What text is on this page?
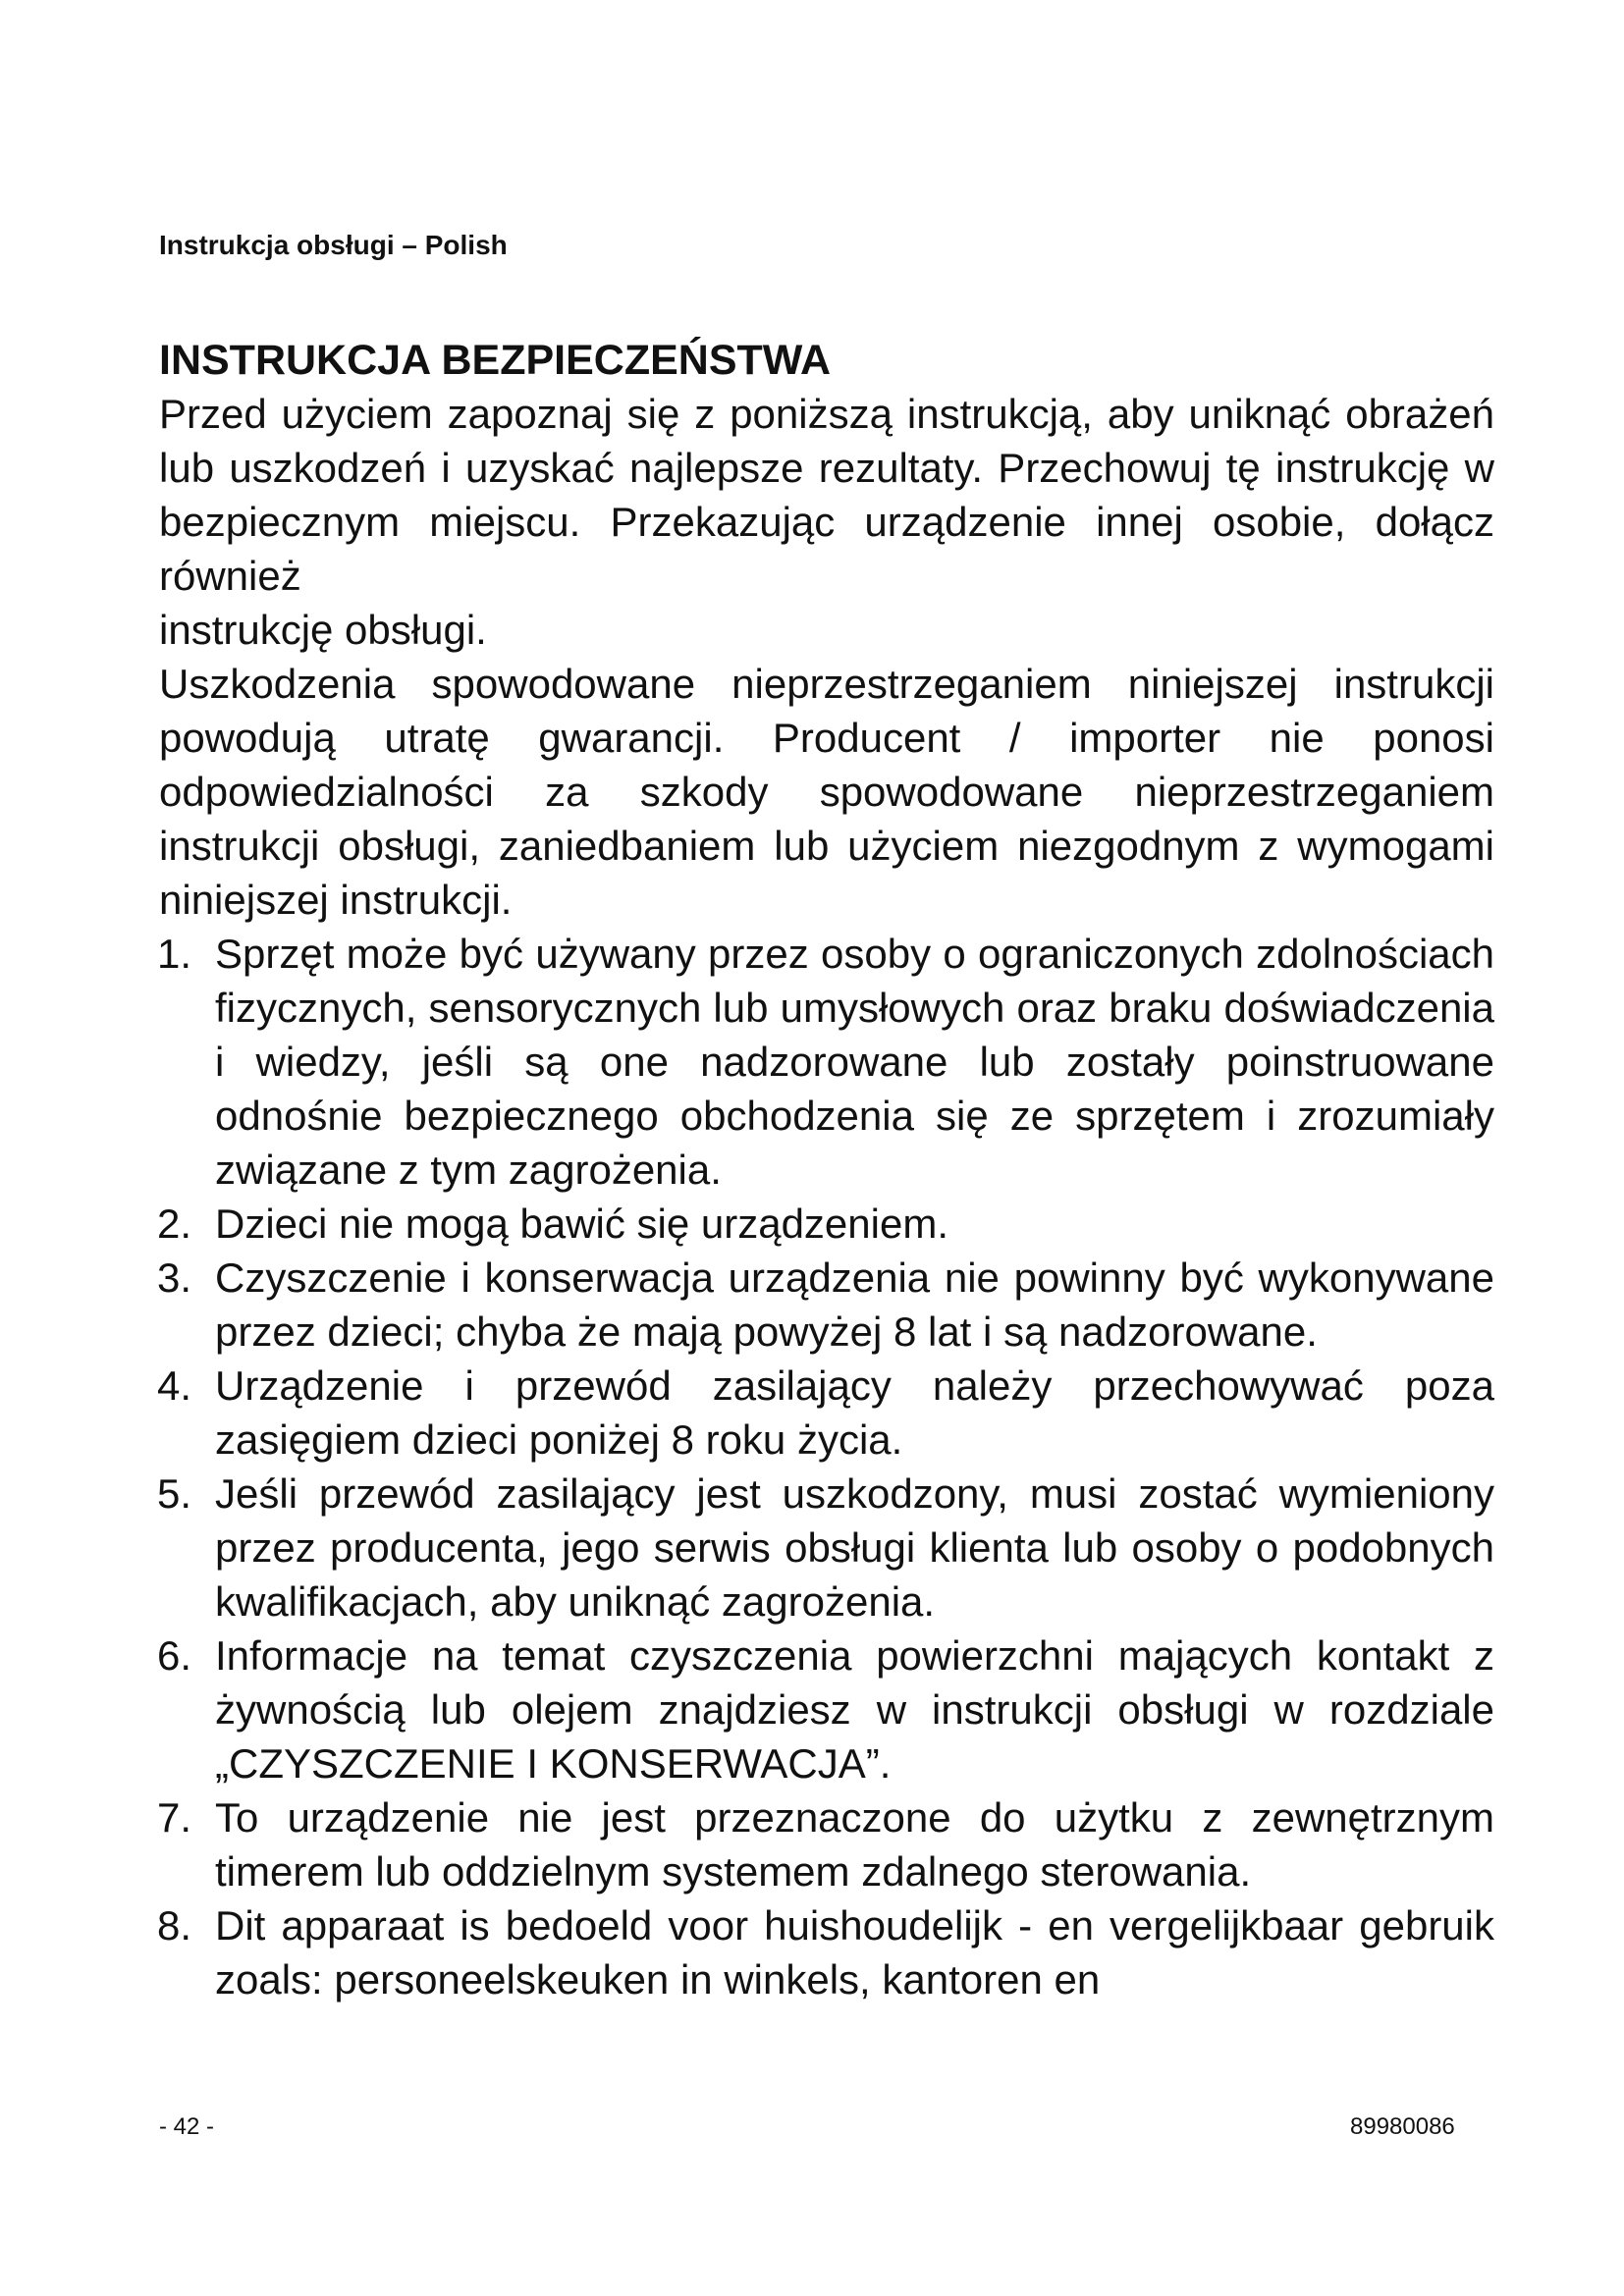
Instrukcja obsługi – Polish
INSTRUKCJA BEZPIECZEŃSTWA

Przed użyciem zapoznaj się z poniższą instrukcją, aby uniknąć obrażeń lub uszkodzeń i uzyskać najlepsze rezultaty. Przechowuj tę instrukcję w bezpiecznym miejscu. Przekazując urządzenie innej osobie, dołącz również

instrukcję obsługi.

Uszkodzenia spowodowane nieprzestrzeganiem niniejszej instrukcji powodują utratę gwarancji. Producent / importer nie ponosi odpowiedzialności za szkody spowodowane nieprzestrzeganiem instrukcji obsługi, zaniedbaniem lub użyciem niezgodnym z wymogami niniejszej instrukcji.

1. Sprzęt może być używany przez osoby o ograniczonych zdolnościach fizycznych, sensorycznych lub umysłowych oraz braku doświadczenia i wiedzy, jeśli są one nadzorowane lub zostały poinstruowane odnośnie bezpiecznego obchodzenia się ze sprzętem i zrozumiały związane z tym zagrożenia.
2. Dzieci nie mogą bawić się urządzeniem.
3. Czyszczenie i konserwacja urządzenia nie powinny być wykonywane przez dzieci; chyba że mają powyżej 8 lat i są nadzorowane.
4. Urządzenie i przewód zasilający należy przechowywać poza zasięgiem dzieci poniżej 8 roku życia.
5. Jeśli przewód zasilający jest uszkodzony, musi zostać wymieniony przez producenta, jego serwis obsługi klienta lub osoby o podobnych kwalifikacjach, aby uniknąć zagrożenia.
6. Informacje na temat czyszczenia powierzchni mających kontakt z żywnością lub olejem znajdziesz w instrukcji obsługi w rozdziale „CZYSZCZENIE I KONSERWACJA”.
7. To urządzenie nie jest przeznaczone do użytku z zewnętrznym timerem lub oddzielnym systemem zdalnego sterowania.
8. Dit apparaat is bedoeld voor huishoudelijk - en vergelijkbaar gebruik zoals: personeelskeuken in winkels, kantoren en
- 42 -	89980086
